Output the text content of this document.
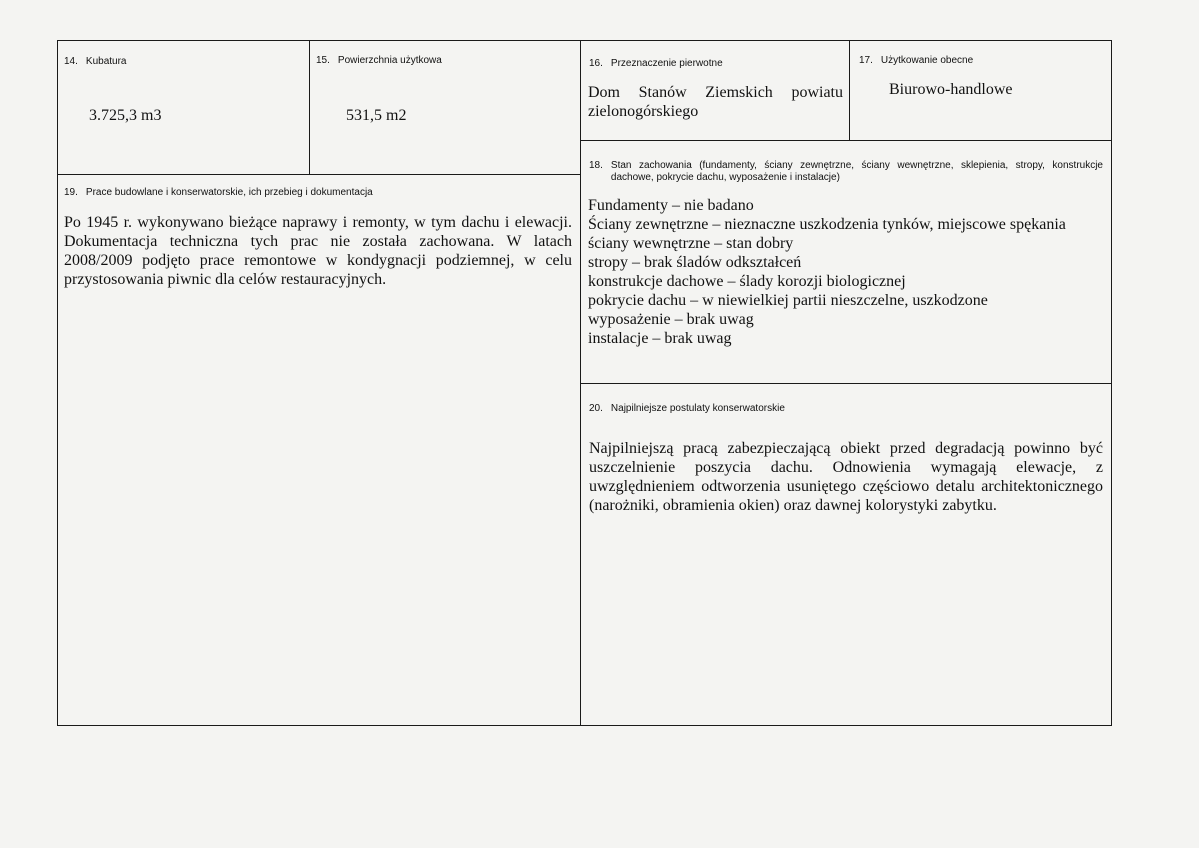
14. Kubatura
3.725,3 m3
15. Powierzchnia użytkowa
531,5 m2
16. Przeznaczenie pierwotne
Dom Stanów Ziemskich powiatu zielonogórskiego
17. Użytkowanie obecne
Biurowo-handlowe
18. Stan zachowania (fundamenty, ściany zewnętrzne, ściany wewnętrzne, sklepienia, stropy, konstrukcje dachowe, pokrycie dachu, wyposażenie i instalacje)
Fundamenty – nie badano
Ściany zewnętrzne – nieznaczne uszkodzenia tynków, miejscowe spękania
ściany wewnętrzne – stan dobry
stropy – brak śladów odkształceń
konstrukcje dachowe – ślady korozji biologicznej
pokrycie dachu – w niewielkiej partii nieszczelne, uszkodzone
wyposażenie – brak uwag
instalacje – brak uwag
19. Prace budowlane i konserwatorskie, ich przebieg i dokumentacja
Po 1945 r. wykonywano bieżące naprawy i remonty, w tym dachu i elewacji. Dokumentacja techniczna tych prac nie została zachowana. W latach 2008/2009 podjęto prace remontowe w kondygnacji podziemnej, w celu przystosowania piwnic dla celów restauracyjnych.
20. Najpilniejsze postulaty konserwatorskie
Najpilniejszą pracą zabezpieczającą obiekt przed degradacją powinno być uszczelnienie poszycia dachu. Odnowienia wymagają elewacje, z uwzględnieniem odtworzenia usuniętego częściowo detalu architektonicznego (narożniki, obramienia okien) oraz dawnej kolorystyki zabytku.
